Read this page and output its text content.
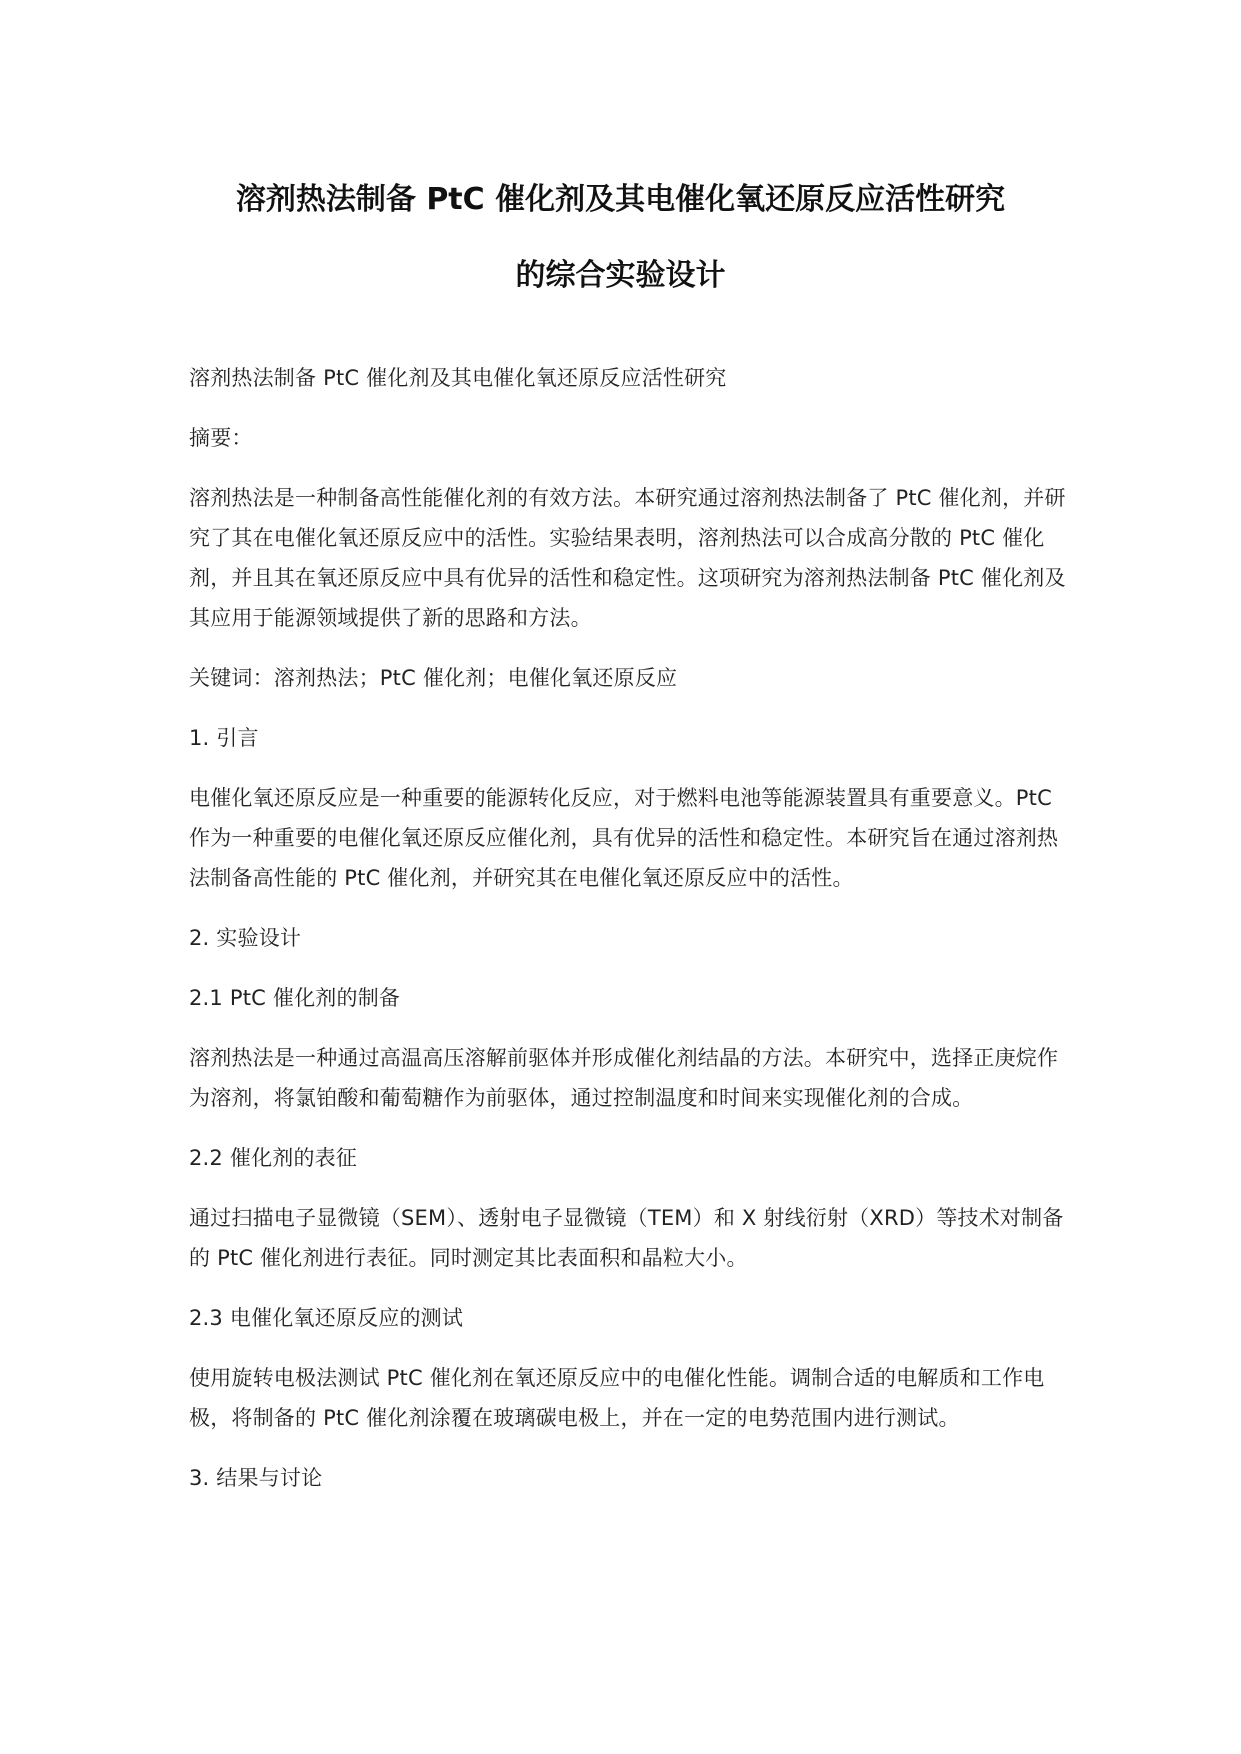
溶剂热法制备 PtC 催化剂及其电催化氧还原反应活性研究
的综合实验设计

溶剂热法制备 PtC 催化剂及其电催化氧还原反应活性研究

摘要：

溶剂热法是一种制备高性能催化剂的有效方法。本研究通过溶剂热法制备了 PtC 催化剂，并研究了其在电催化氧还原反应中的活性。实验结果表明，溶剂热法可以合成高分散的 PtC 催化剂，并且其在氧还原反应中具有优异的活性和稳定性。这项研究为溶剂热法制备 PtC 催化剂及其应用于能源领域提供了新的思路和方法。

关键词：溶剂热法；PtC 催化剂；电催化氧还原反应

1. 引言

电催化氧还原反应是一种重要的能源转化反应，对于燃料电池等能源装置具有重要意义。PtC 作为一种重要的电催化氧还原反应催化剂，具有优异的活性和稳定性。本研究旨在通过溶剂热法制备高性能的 PtC 催化剂，并研究其在电催化氧还原反应中的活性。

2. 实验设计

2.1 PtC 催化剂的制备

溶剂热法是一种通过高温高压溶解前驱体并形成催化剂结晶的方法。本研究中，选择正庚烷作为溶剂，将氯铂酸和葡萄糖作为前驱体，通过控制温度和时间来实现催化剂的合成。

2.2 催化剂的表征

通过扫描电子显微镜（SEM）、透射电子显微镜（TEM）和 X 射线衍射（XRD）等技术对制备的 PtC 催化剂进行表征。同时测定其比表面积和晶粒大小。

2.3 电催化氧还原反应的测试

使用旋转电极法测试 PtC 催化剂在氧还原反应中的电催化性能。调制合适的电解质和工作电极，将制备的 PtC 催化剂涂覆在玻璃碳电极上，并在一定的电势范围内进行测试。

3. 结果与讨论
